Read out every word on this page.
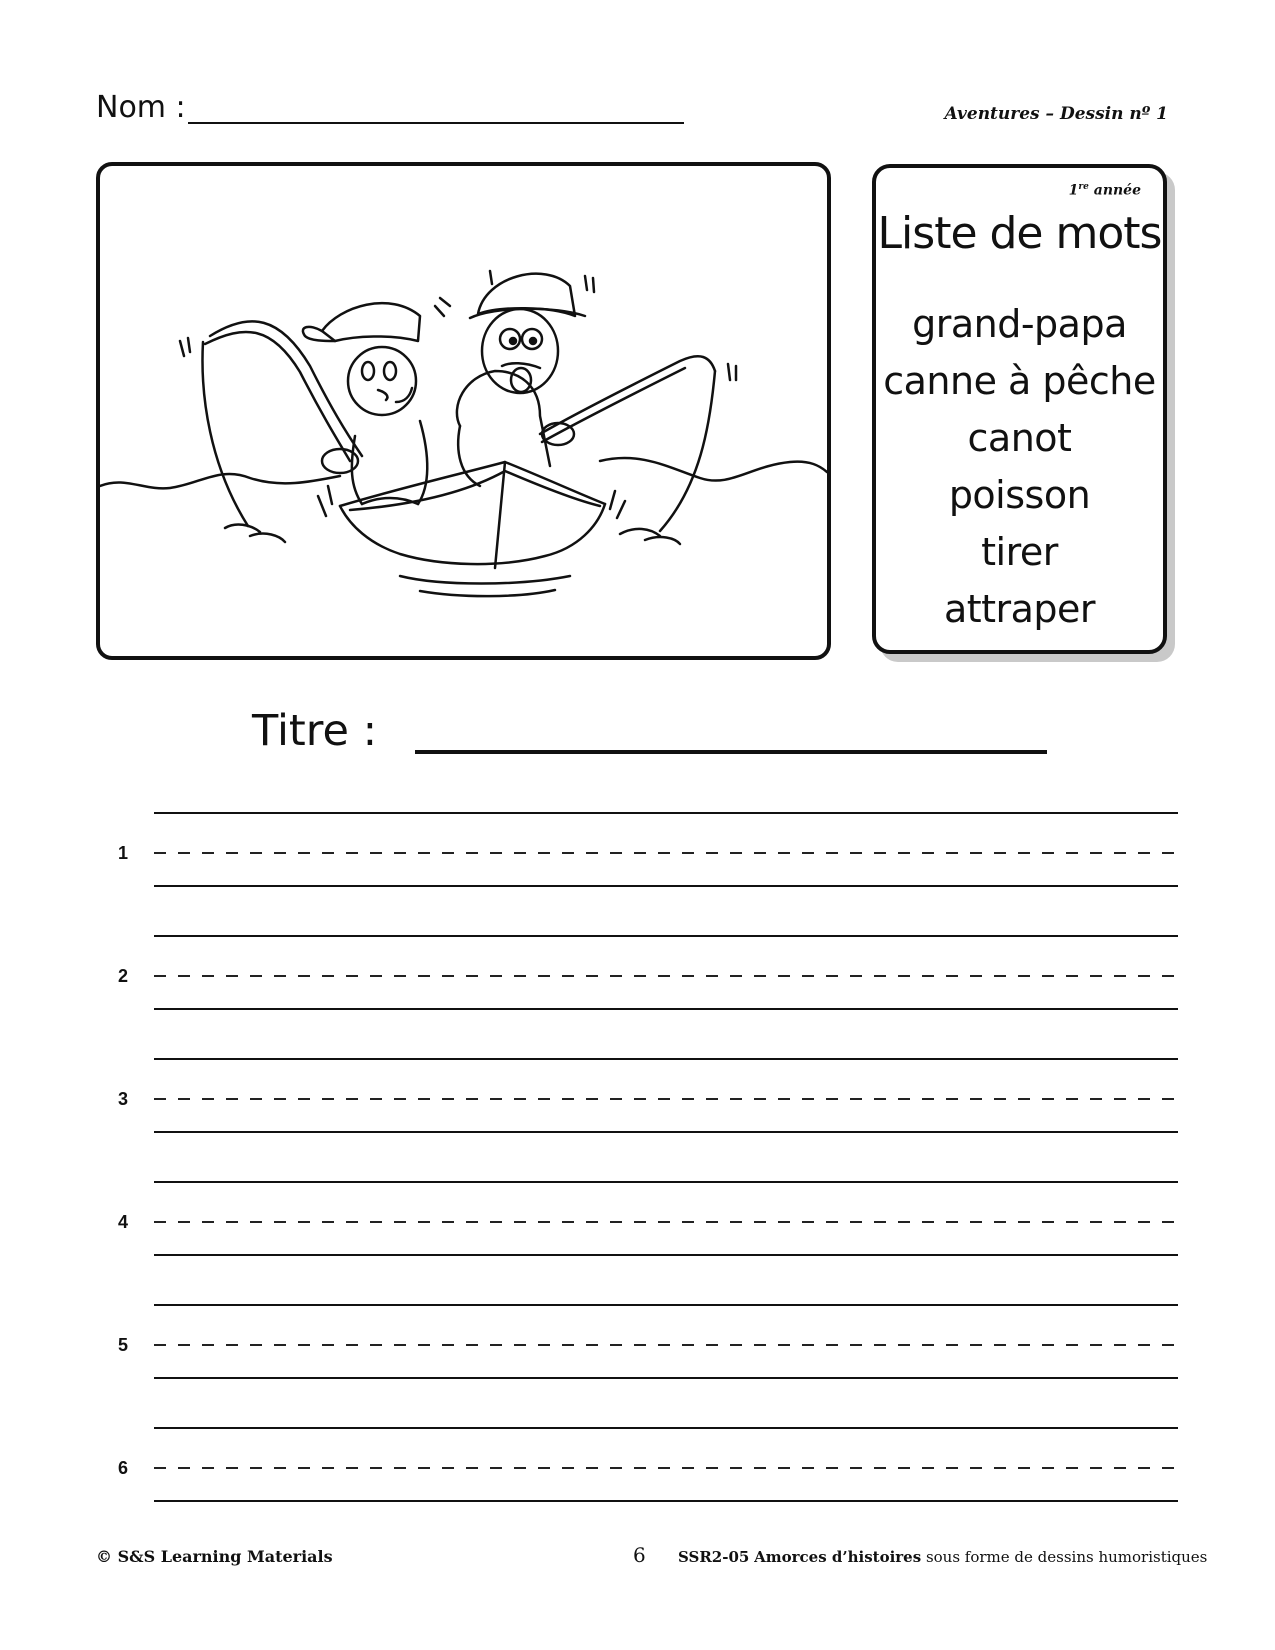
Nom :	Aventures – Dessin nº 1
1re année
Liste de mots
grand-papa
canne à pêche
canot
poisson
tirer
attraper
Titre :
1
2
3
4
5
6
© S&S Learning Materials	6 SSR2-05 Amorces d’histoires sous forme de dessins humoristiques
